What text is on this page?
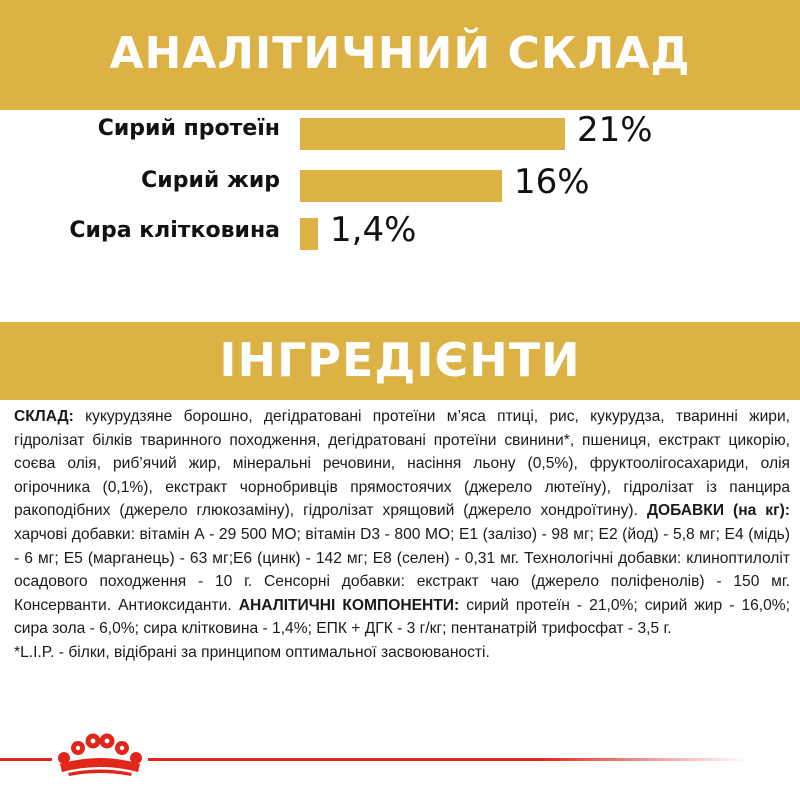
АНАЛІТИЧНИЙ СКЛАД
Сирий протеїн	21%
Сирий жир	16%
Сира клітковина 1,4%
ІНГРЕДІЄНТИ
СКЛАД: кукурудзяне борошно, дегідратовані протеїни м’яса птиці, рис, кукурудза, тваринні жири, гідролізат білків тваринного походження, дегідратовані протеїни свинини*, пшениця, екстракт цикорію, соєва олія, риб’ячий жир, мінеральні речовини, насіння льону (0,5%), фруктоолігосахариди, олія огірочника (0,1%), екстракт чорнобривців прямостоячих (джерело лютеїну), гідролізат із панцира ракоподібних (джерело глюкозаміну), гідролізат хрящовий (джерело хондроїтину). ДОБАВКИ (на кг): харчові добавки: вітамін А - 29 500 МО; вітамін D3 - 800 МО; E1 (залізо) - 98 мг; E2 (йод) - 5,8 мг; E4 (мідь) - 6 мг; E5 (марганець) - 63 мг;E6 (цинк) - 142 мг; E8 (селен) - 0,31 мг. Технологічні добавки: клиноптилоліт осадового походження - 10 г. Сенсорні добавки: екстракт чаю (джерело поліфенолів) - 150 мг. Консерванти. Антиоксиданти. АНАЛІТИЧНІ КОМПОНЕНТИ: сирий протеїн - 21,0%; сирий жир - 16,0%; сира зола - 6,0%; сира клітковина - 1,4%; ЕПК + ДГК - 3 г/кг; пентанатрій трифосфат - 3,5 г.
*L.I.P. - білки, відібрані за принципом оптимальної засвоюваності.
